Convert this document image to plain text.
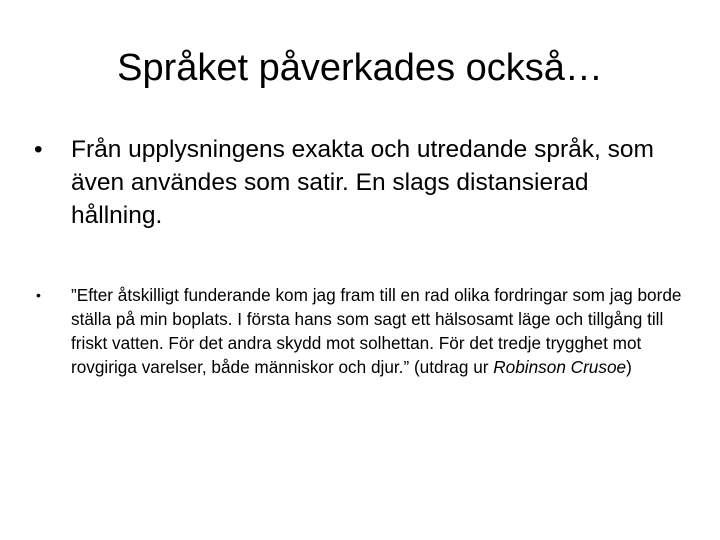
Språket påverkades också…
• Från upplysningens exakta och utredande språk, som även användes som satir. En slags distansierad hållning.
• ”Efter åtskilligt funderande kom jag fram till en rad olika fordringar som jag borde ställa på min boplats. I första hans som sagt ett hälsosamt läge och tillgång till friskt vatten. För det andra skydd mot solhettan. För det tredje trygghet mot rovgiriga varelser, både människor och djur.” (utdrag ur Robinson Crusoe)
